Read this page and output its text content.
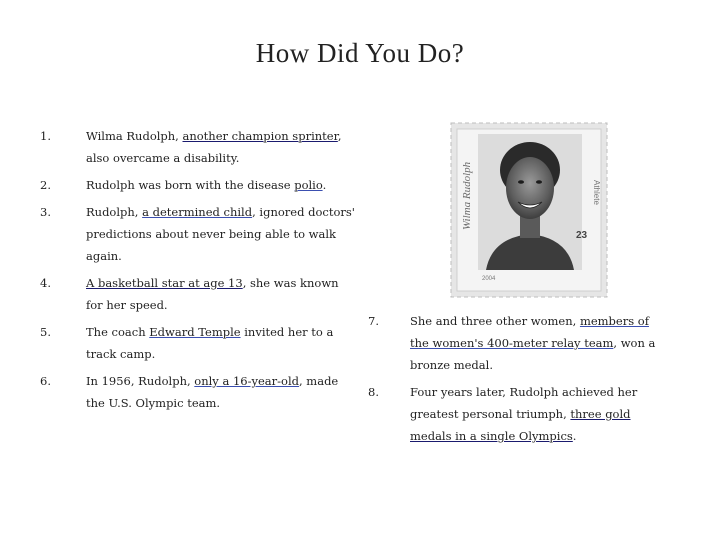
How Did You Do?
1.	Wilma Rudolph, another champion sprinter, also overcame a disability.
2.	Rudolph was born with the disease polio.
3.	Rudolph, a determined child, ignored doctors' predictions about never being able to walk again.
4.	A basketball star at age 13, she was known for her speed.
5.	The coach Edward Temple invited her to a track camp.
6.	In 1956, Rudolph, only a 16-year-old, made the U.S. Olympic team.
7.	She and three other women, members of the women's 400-meter relay team, won a bronze medal.
8.	Four years later, Rudolph achieved her greatest personal triumph, three gold medals in a single Olympics.
Wilma Rudolph	Athlete
23
2004
